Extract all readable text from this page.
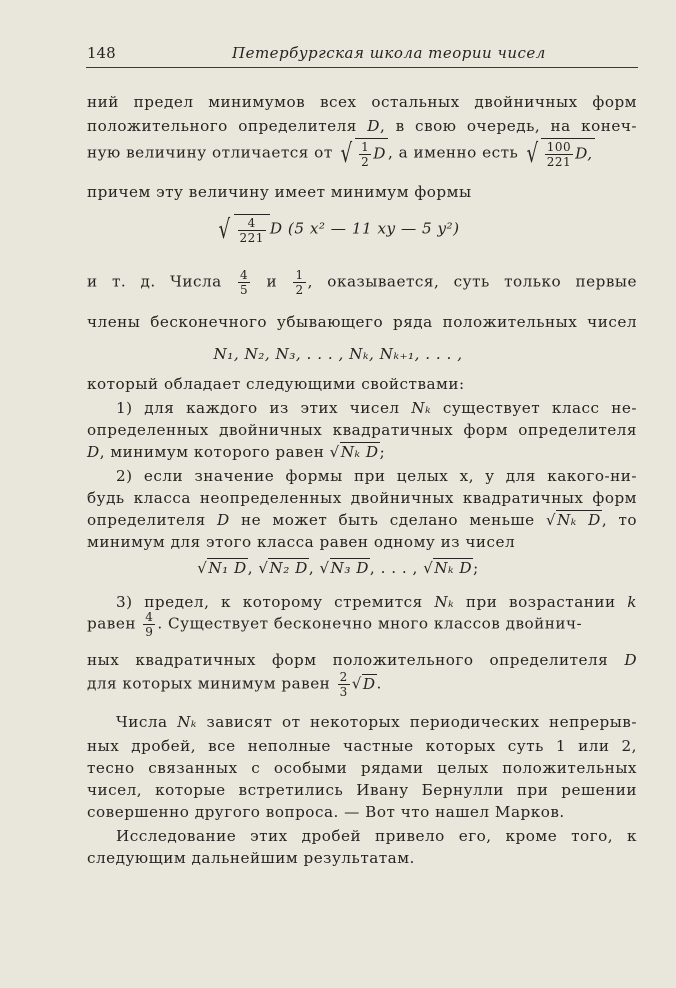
148	Петербургская школа теории чисел
ний предел минимумов всех остальных двойничных форм
положительного определителя D, в свою очередь, на конеч-
ную величину отличается от √ $\frac{1}{2}$ D , а именно есть √ $\frac{100}{221} D$,
причем эту величину имеет минимум формы
√ $\frac{4}{221}$ D (5 x² — 11 xy — 5 y²)
и т. д. Числа $\frac{4}{5}$ и $\frac{1}{2}$ , оказывается, суть только первые
члены бесконечного убывающего ряда положительных чисел
N₁, N₂, N₃, . . . , Nₖ, Nₖ₊₁, . . . ,
который обладает следующими свойствами:
1) для каждого из этих чисел Nₖ существует класс не-
определенных двойничных квадратичных форм определителя
D, минимум которого равен √Nₖ D;
2) если значение формы при целых x, y для какого-ни-
будь класса неопределенных двойничных квадратичных форм
определителя D не может быть сделано меньше √Nₖ D, то
минимум для этого класса равен одному из чисел
√N₁ D, √N₂ D, √N₃ D, . . . , √Nₖ D;
3) предел, к которому стремится Nₖ при возрастании k
равен $\frac{4}{9}$ . Существует бесконечно много классов двойнич-
ных квадратичных форм положительного определителя D
для которых минимум равен $\frac{2}{3} √D$.
Числа Nₖ зависят от некоторых периодических непрерыв-
ных дробей, все неполные частные которых суть 1 или 2,
тесно связанных с особыми рядами целых положительных
чисел, которые встретились Ивану Бернулли при решении
совершенно другого вопроса. — Вот что нашел Марков.
Исследование этих дробей привело его, кроме того, к
следующим дальнейшим результатам.
